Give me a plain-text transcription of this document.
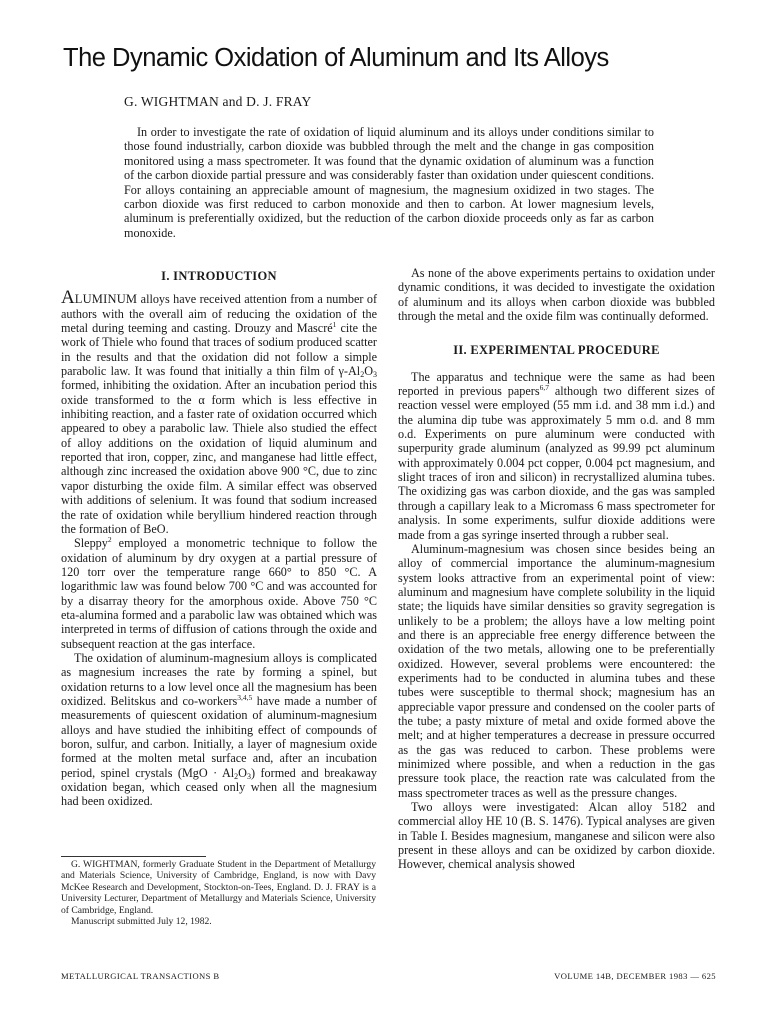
The Dynamic Oxidation of Aluminum and Its Alloys
G. WIGHTMAN and D. J. FRAY
In order to investigate the rate of oxidation of liquid aluminum and its alloys under conditions similar to those found industrially, carbon dioxide was bubbled through the melt and the change in gas composition monitored using a mass spectrometer. It was found that the dynamic oxidation of aluminum was a function of the carbon dioxide partial pressure and was considerably faster than oxidation under quiescent conditions. For alloys containing an appreciable amount of magnesium, the magnesium oxidized in two stages. The carbon dioxide was first reduced to carbon monoxide and then to carbon. At lower magnesium levels, aluminum is preferentially oxidized, but the reduction of the carbon dioxide proceeds only as far as carbon monoxide.
I. INTRODUCTION

ALUMINUM alloys have received attention from a number of authors with the overall aim of reducing the oxidation of the metal during teeming and casting. Drouzy and Mascré$^1$ cite the work of Thiele who found that traces of sodium produced scatter in the results and that the oxidation did not follow a simple parabolic law. It was found that initially a thin film of $\gamma-Al_2O_3$ formed, inhibiting the oxidation. After an incubation period this oxide transformed to the α form which is less effective in inhibiting reaction, and a faster rate of oxidation occurred which appeared to obey a parabolic law. Thiele also studied the effect of alloy additions on the oxidation of liquid aluminum and reported that iron, copper, zinc, and manganese had little effect, although zinc increased the oxidation above 900 °C, due to zinc vapor disturbing the oxide film. A similar effect was observed with additions of selenium. It was found that sodium increased the rate of oxidation while beryllium hindered reaction through the formation of BeO.

Sleppy$^2$ employed a monometric technique to follow the oxidation of aluminum by dry oxygen at a partial pressure of 120 torr over the temperature range 660° to 850 °C. A logarithmic law was found below 700 °C and was accounted for by a disarray theory for the amorphous oxide. Above 750 °C eta-alumina formed and a parabolic law was obtained which was interpreted in terms of diffusion of cations through the oxide and subsequent reaction at the gas interface.

The oxidation of aluminum-magnesium alloys is complicated as magnesium increases the rate by forming a spinel, but oxidation returns to a low level once all the magnesium has been oxidized. Belitskus and co-workers$^{3,4,5}$ have made a number of measurements of quiescent oxidation of aluminum-magnesium alloys and have studied the inhibiting effect of compounds of boron, sulfur, and carbon. Initially, a layer of magnesium oxide formed at the molten metal surface and, after an incubation period, spinel crystals $(MgO \cdot Al_2O_3)$ formed and breakaway oxidation began, which ceased only when all the magnesium had been oxidized.

As none of the above experiments pertains to oxidation under dynamic conditions, it was decided to investigate the oxidation of aluminum and its alloys when carbon dioxide was bubbled through the metal and the oxide film was continually deformed.

II. EXPERIMENTAL PROCEDURE

The apparatus and technique were the same as had been reported in previous papers$^{6,7}$ although two different sizes of reaction vessel were employed (55 mm i.d. and 38 mm i.d.) and the alumina dip tube was approximately 5 mm o.d. and 8 mm o.d. Experiments on pure aluminum were conducted with superpurity grade aluminum (analyzed as 99.99 pct aluminum with approximately 0.004 pct copper, 0.004 pct magnesium, and slight traces of iron and silicon) in recrystallized alumina tubes. The oxidizing gas was carbon dioxide, and the gas was sampled through a capillary leak to a Micromass 6 mass spectrometer for analysis. In some experiments, sulfur dioxide additions were made from a gas syringe inserted through a rubber seal.

Aluminum-magnesium was chosen since besides being an alloy of commercial importance the aluminum-magnesium system looks attractive from an experimental point of view: aluminum and magnesium have complete solubility in the liquid state; the liquids have similar densities so gravity segregation is unlikely to be a problem; the alloys have a low melting point and there is an appreciable free energy difference between the oxidation of the two metals, allowing one to be preferentially oxidized. However, several problems were encountered: the experiments had to be conducted in alumina tubes and these tubes were susceptible to thermal shock; magnesium has an appreciable vapor pressure and condensed on the cooler parts of the tube; a pasty mixture of metal and oxide formed above the melt; and at higher temperatures a decrease in pressure occurred as the gas was reduced to carbon. These problems were minimized where possible, and when a reduction in the gas pressure took place, the reaction rate was calculated from the mass spectrometer traces as well as the pressure changes.

Two alloys were investigated: Alcan alloy 5182 and commercial alloy HE 10 (B. S. 1476). Typical analyses are given in Table I. Besides magnesium, manganese and silicon were also present in these alloys and can be oxidized by carbon dioxide. However, chemical analysis showed

G. WIGHTMAN, formerly Graduate Student in the Department of Metallurgy and Materials Science, University of Cambridge, England, is now with Davy McKee Research and Development, Stockton-on-Tees, England. D. J. FRAY is a University Lecturer, Department of Metallurgy and Materials Science, University of Cambridge, England.

Manuscript submitted July 12, 1982.

METALLURGICAL TRANSACTIONS B	VOLUME 14B, DECEMBER 1983 — 625
